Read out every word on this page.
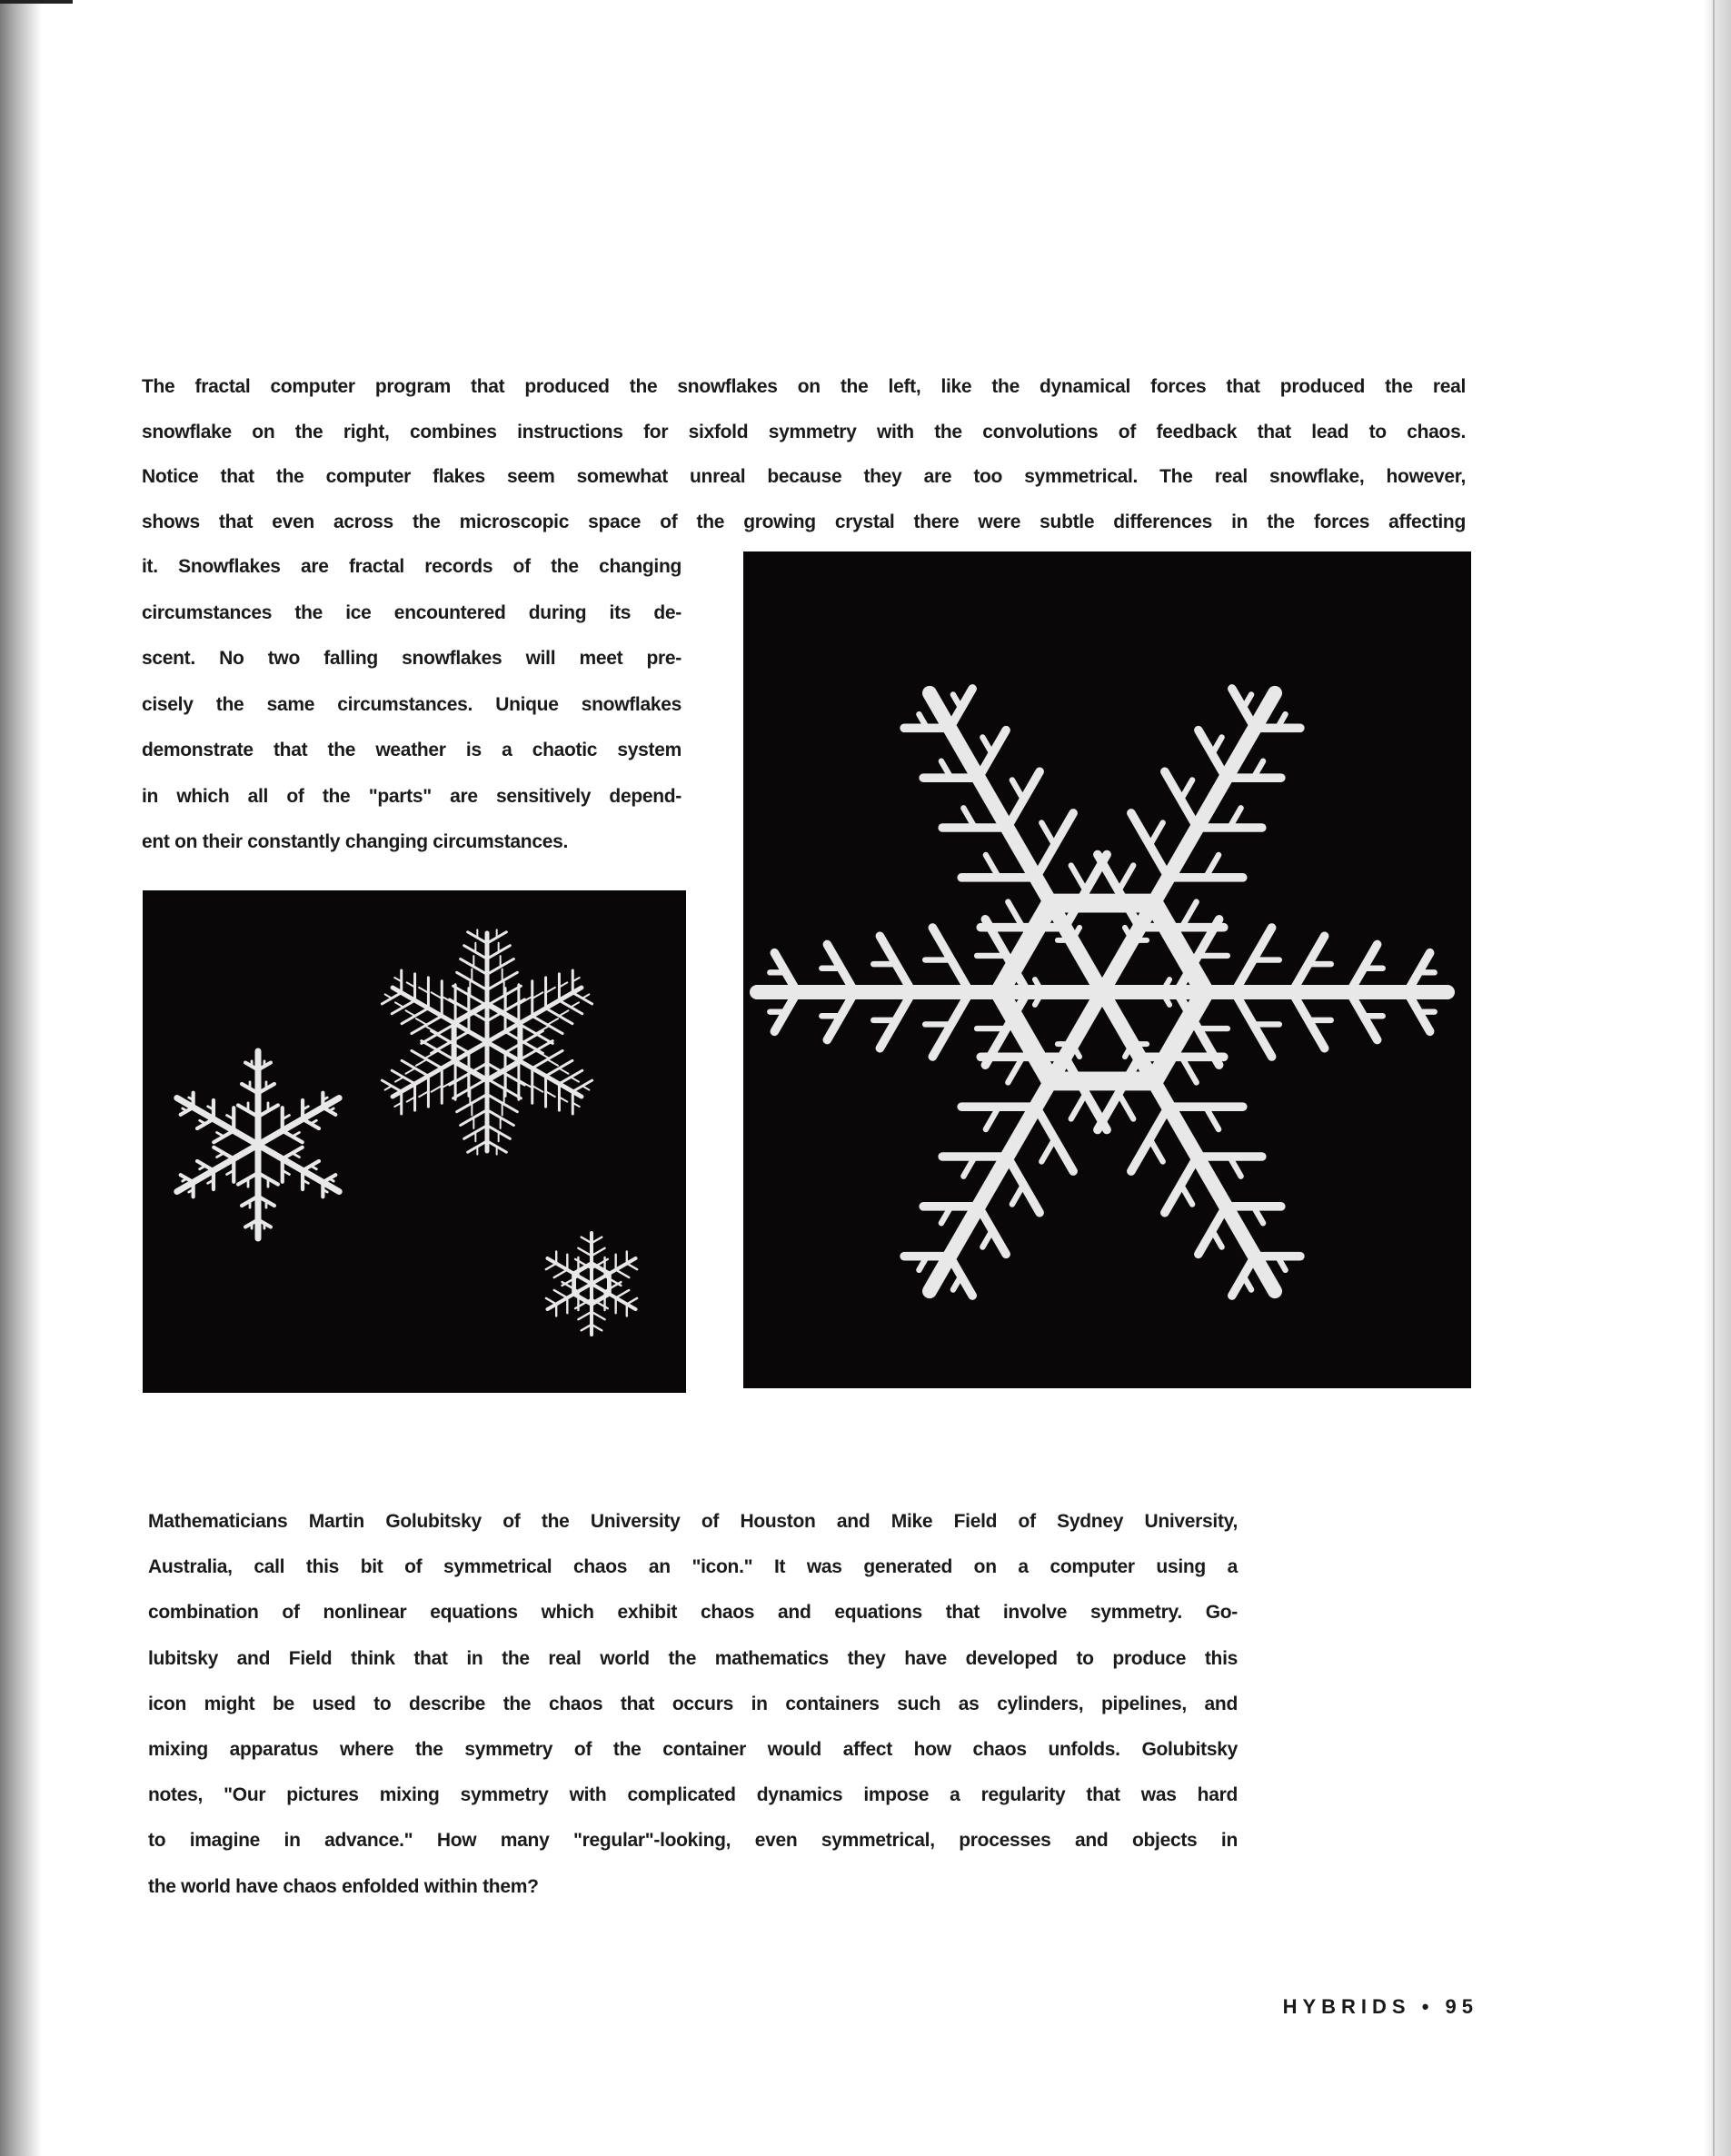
The fractal computer program that produced the snowflakes on the left, like the dynamical forces that produced the real
snowflake on the right, combines instructions for sixfold symmetry with the convolutions of feedback that lead to chaos.
Notice that the computer flakes seem somewhat unreal because they are too symmetrical. The real snowflake, however,
shows that even across the microscopic space of the growing crystal there were subtle differences in the forces affecting
it. Snowflakes are fractal records of the changing
circumstances the ice encountered during its de-
scent. No two falling snowflakes will meet pre-
cisely the same circumstances. Unique snowflakes
demonstrate that the weather is a chaotic system
in which all of the "parts" are sensitively depend-
ent on their constantly changing circumstances.
Mathematicians Martin Golubitsky of the University of Houston and Mike Field of Sydney University,
Australia, call this bit of symmetrical chaos an "icon." It was generated on a computer using a
combination of nonlinear equations which exhibit chaos and equations that involve symmetry. Go-
lubitsky and Field think that in the real world the mathematics they have developed to produce this
icon might be used to describe the chaos that occurs in containers such as cylinders, pipelines, and
mixing apparatus where the symmetry of the container would affect how chaos unfolds. Golubitsky
notes, "Our pictures mixing symmetry with complicated dynamics impose a regularity that was hard
to imagine in advance." How many "regular"-looking, even symmetrical, processes and objects in
the world have chaos enfolded within them?
HYBRIDS • 95
